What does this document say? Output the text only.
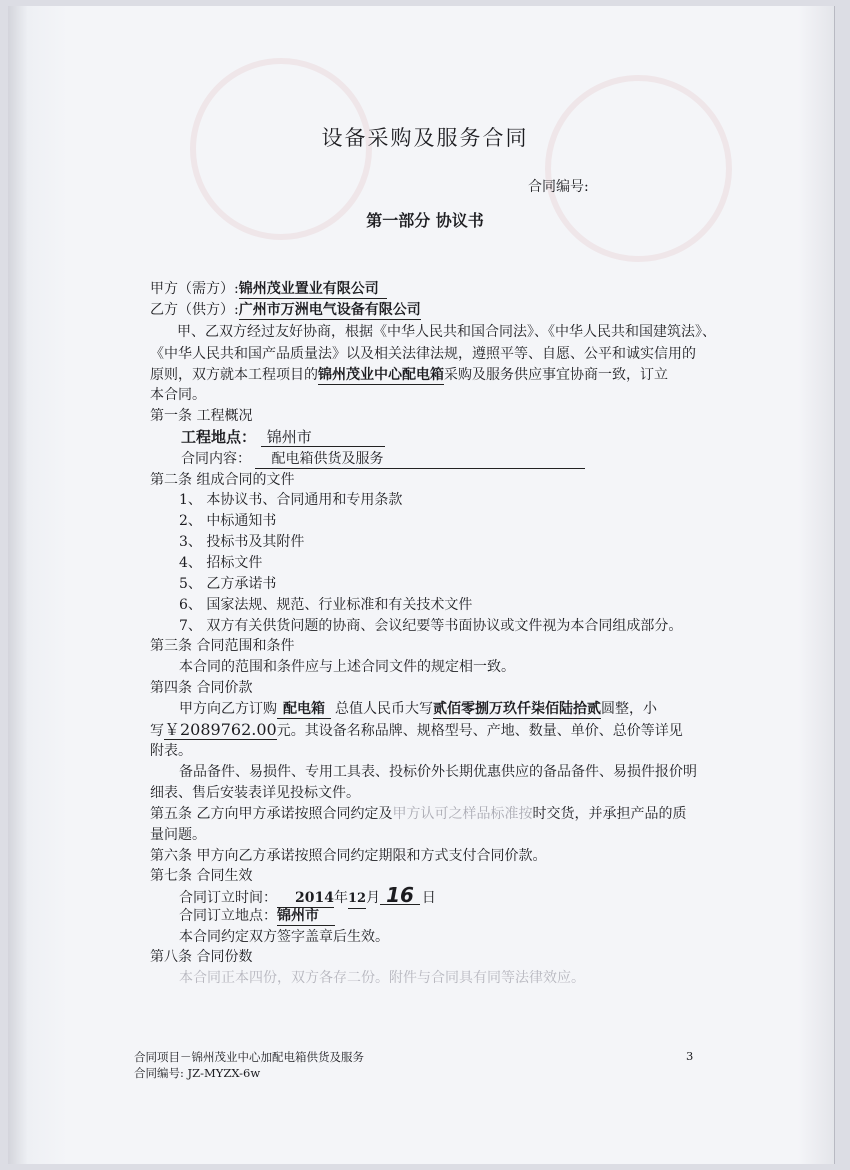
设备采购及服务合同
合同编号:
第一部分 协议书
甲方（需方）:锦州茂业置业有限公司
乙方（供方）:广州市万洲电气设备有限公司
甲、乙双方经过友好协商，根据《中华人民共和国合同法》、《中华人民共和国建筑法》、
《中华人民共和国产品质量法》以及相关法律法规，遵照平等、自愿、公平和诚实信用的
原则，双方就本工程项目的锦州茂业中心配电箱采购及服务供应事宜协商一致，订立
本合同。
第一条 工程概况
工程地点： 锦州市
合同内容： 配电箱供货及服务
第二条 组成合同的文件
1、 本协议书、合同通用和专用条款
2、 中标通知书
3、 投标书及其附件
4、 招标文件
5、 乙方承诺书
6、 国家法规、规范、行业标准和有关技术文件
7、 双方有关供货问题的协商、会议纪要等书面协议或文件视为本合同组成部分。
第三条 合同范围和条件
本合同的范围和条件应与上述合同文件的规定相一致。
第四条 合同价款
甲方向乙方订购 配电箱 总值人民币大写贰佰零捌万玖仟柒佰陆拾贰圆整，小
写￥2089762.00元。其设备名称品牌、规格型号、产地、数量、单价、总价等详见
附表。
备品备件、易损件、专用工具表、投标价外长期优惠供应的备品备件、易损件报价明
细表、售后安装表详见投标文件。
第五条 乙方向甲方承诺按照合同约定及甲方认可之样品标准按时交货，并承担产品的质
量问题。
第六条 甲方向乙方承诺按照合同约定期限和方式支付合同价款。
第七条 合同生效
合同订立时间： 2014年12月 16 日
合同订立地点：锦州市
本合同约定双方签字盖章后生效。
第八条 合同份数
本合同正本四份，双方各存二份。附件与合同具有同等法律效应。
合同项目－锦州茂业中心加配电箱供货及服务
合同编号: JZ-MYZX-6w
3
